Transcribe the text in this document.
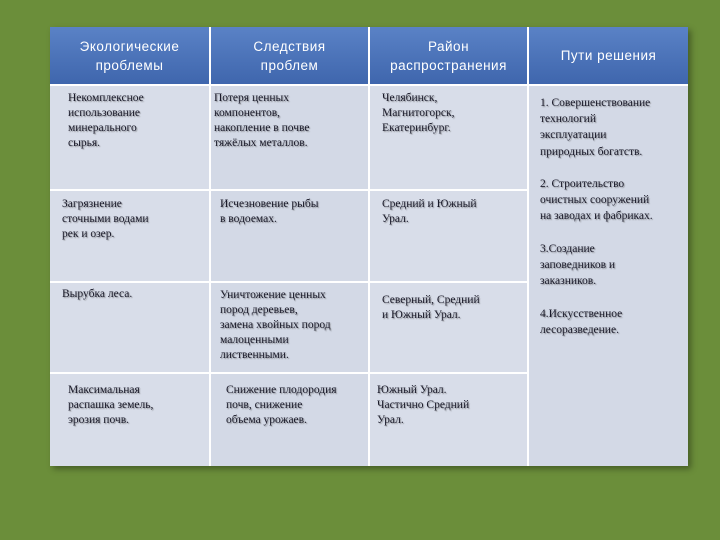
Экологические
проблемы
Следствия
проблем
Район
распространения
Пути решения
Некомплексное
использование
минерального
сырья.
Потеря ценных
компонентов,
накопление в почве
тяжёлых металлов.
Челябинск,
Магнитогорск,
Екатеринбург.
Загрязнение
сточными водами
рек и озер.
Исчезновение рыбы
в водоемах.
Средний и Южный
Урал.
Вырубка леса.	Уничтожение ценных
пород деревьев,
замена хвойных пород
малоценными
лиственными.
Северный, Средний
и Южный Урал.
Максимальная
распашка земель,
эрозия почв.
Снижение плодородия
почв, снижение
объема урожаев.
Южный Урал.
Частично Средний
Урал.
1. Совершенствование
технологий
эксплуатации
природных богатств.

2. Строительство
очистных сооружений
на заводах и фабриках.

3.Создание
заповедников и
заказников.

4.Искусственное
лесоразведение.
